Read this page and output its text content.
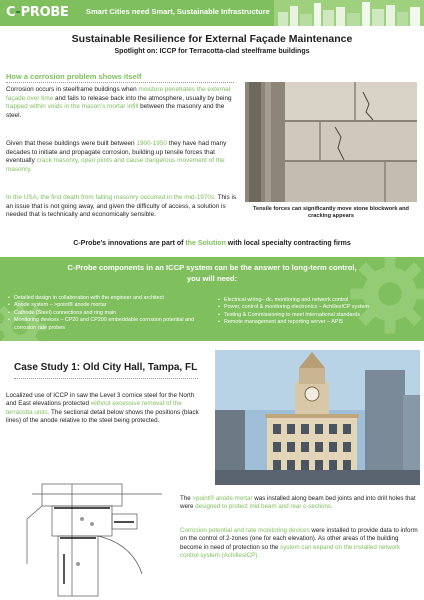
C-PROBE Smart Cities need Smart, Sustainable Infrastructure
Sustainable Resilience for External Façade Maintenance
Spotlight on: ICCP for Terracotta-clad steelframe buildings
How a corrosion problem shows itself
Corrosion occurs in steelframe buildings when moisture penetrates the external façade over time and fails to release back into the atmosphere, usually by being trapped within voids in the mason's mortar infill between the masonry and the steel.
Given that these buildings were built between 1900-1950 they have had many decades to initiate and propagate corrosion, building up tensile forces that eventually crack masonry, open joints and cause dangerous movement of the masonry.
In the USA, the first death from falling masonry occurred in the mid-1970s. This is an issue that is not going away, and given the difficulty of access, a solution is needed that is technically and economically sensible.
Tensile forces can significantly move stone blockwork and cracking appears
C-Probe's innovations are part of the Solution with local specialty contracting firms
C-Probe components in an ICCP system can be the answer to long-term control,
you will need:
• Detailed design in collaboration with the engineer and architect
• Anode system – >point® anode mortar
• Cathode (Steel) connections and ring main
• Monitoring devices – CP20 and CP200 embeddable corrosion potential and corrosion rate probes
• Electrical wiring– dc, monitoring and network control
• Power, control & monitoring electronics – AchillesICP system
• Testing & Commissioning to meet international standards
• Remote management and reporting server – API5
Case Study 1: Old City Hall, Tampa, FL
Localized use of ICCP in saw the Level 3 cornice steel for the North and East elevations protected without excessive removal of the terracotta units. The sectional detail below shows the positions (black lines) of the anode relative to the steel being protected.
The >point® anode mortar was installed along beam bed joints and into drill holes that were designed to protect mid beam and rear c-sections.
Corrosion potential and rate monitoring devices were installed to provide data to inform on the control of 2-zones (one for each elevation). As other areas of the building become in need of protection so the system can expand on the installed network control system (AchillesICP).
